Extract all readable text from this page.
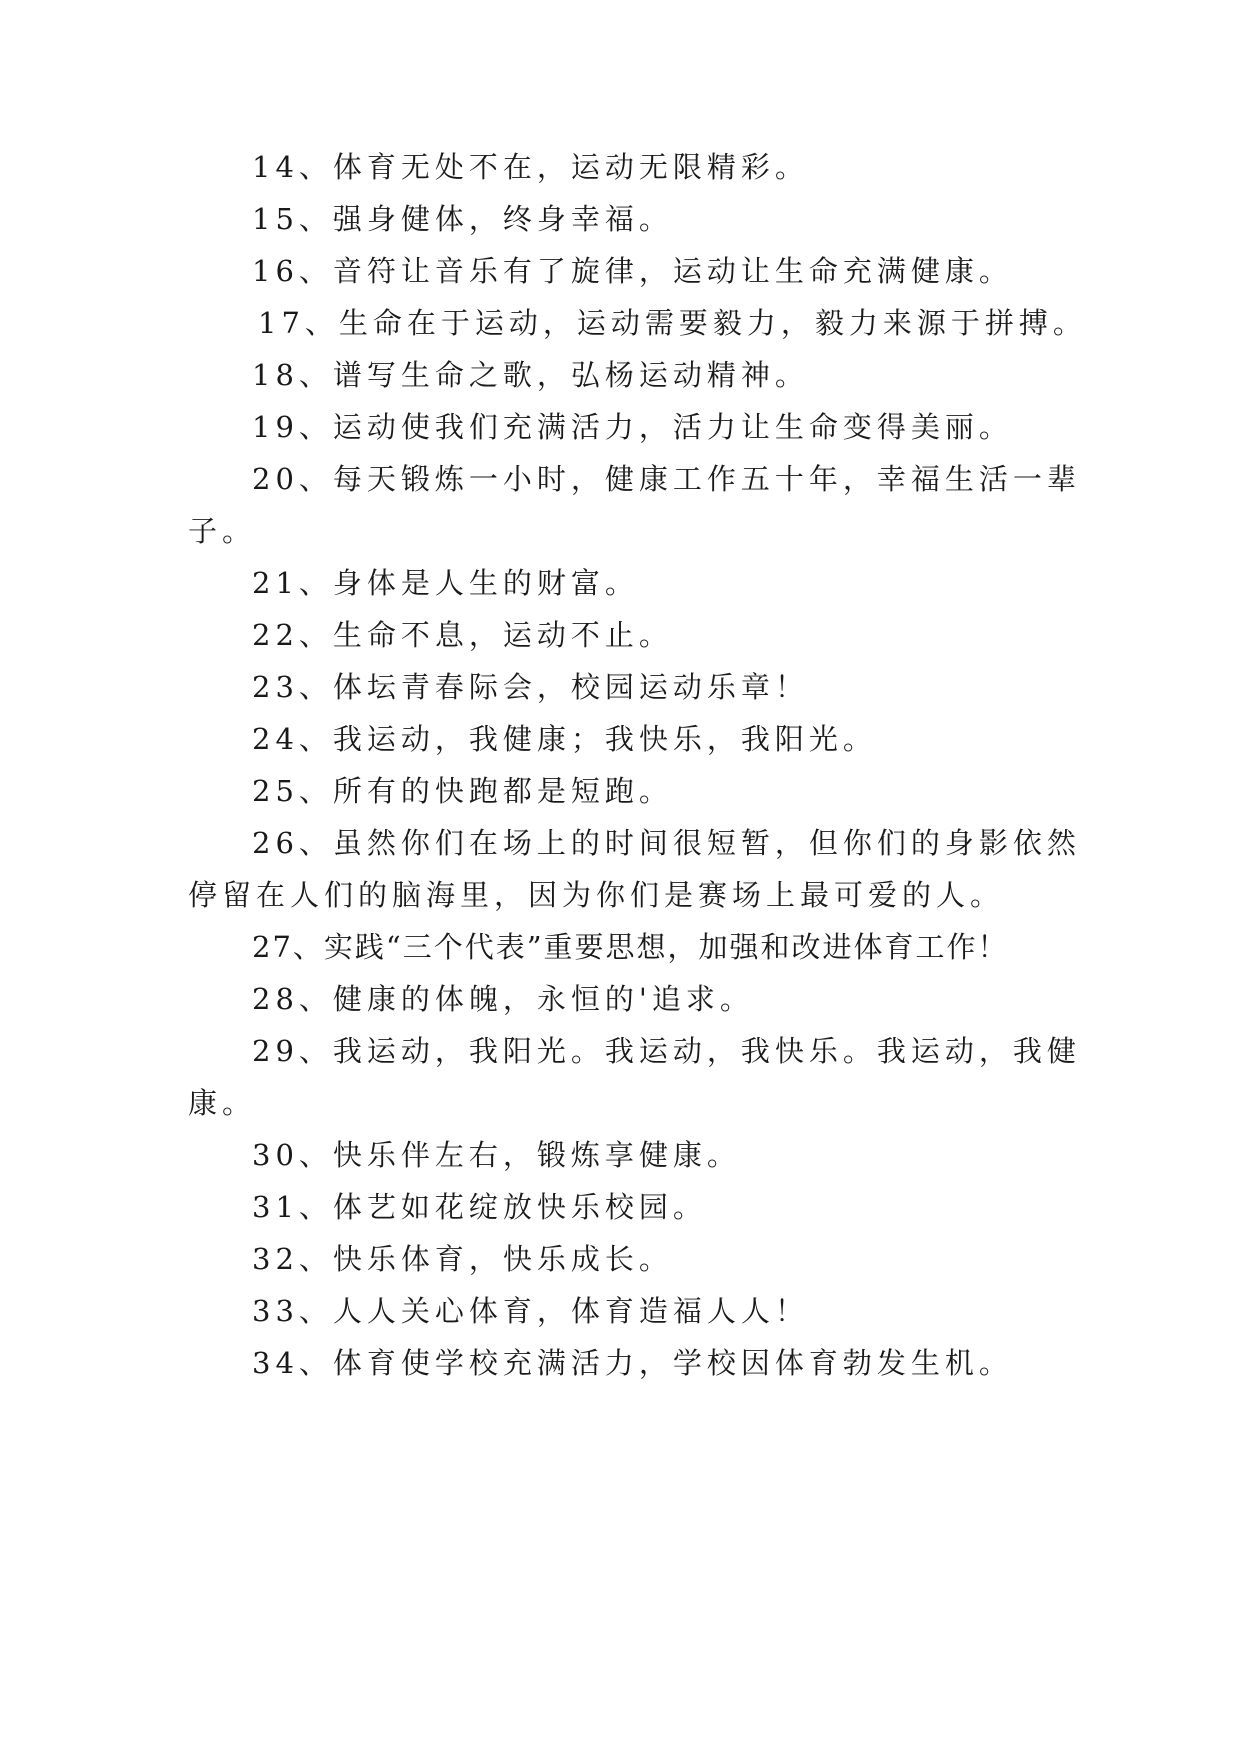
14、体育无处不在，运动无限精彩。
15、强身健体，终身幸福。
16、音符让音乐有了旋律，运动让生命充满健康。
17、生命在于运动，运动需要毅力，毅力来源于拼搏。
18、谱写生命之歌，弘杨运动精神。
19、运动使我们充满活力，活力让生命变得美丽。
20、每天锻炼一小时，健康工作五十年，幸福生活一辈
子。
21、身体是人生的财富。
22、生命不息，运动不止。
23、体坛青春际会，校园运动乐章！
24、我运动，我健康；我快乐，我阳光。
25、所有的快跑都是短跑。
26、虽然你们在场上的时间很短暂，但你们的身影依然
停留在人们的脑海里，因为你们是赛场上最可爱的人。
27、实践“三个代表”重要思想，加强和改进体育工作！
28、健康的体魄，永恒的'追求。
29、我运动，我阳光。我运动，我快乐。我运动，我健
康。
30、快乐伴左右，锻炼享健康。
31、体艺如花绽放快乐校园。
32、快乐体育，快乐成长。
33、人人关心体育，体育造福人人！
34、体育使学校充满活力，学校因体育勃发生机。
